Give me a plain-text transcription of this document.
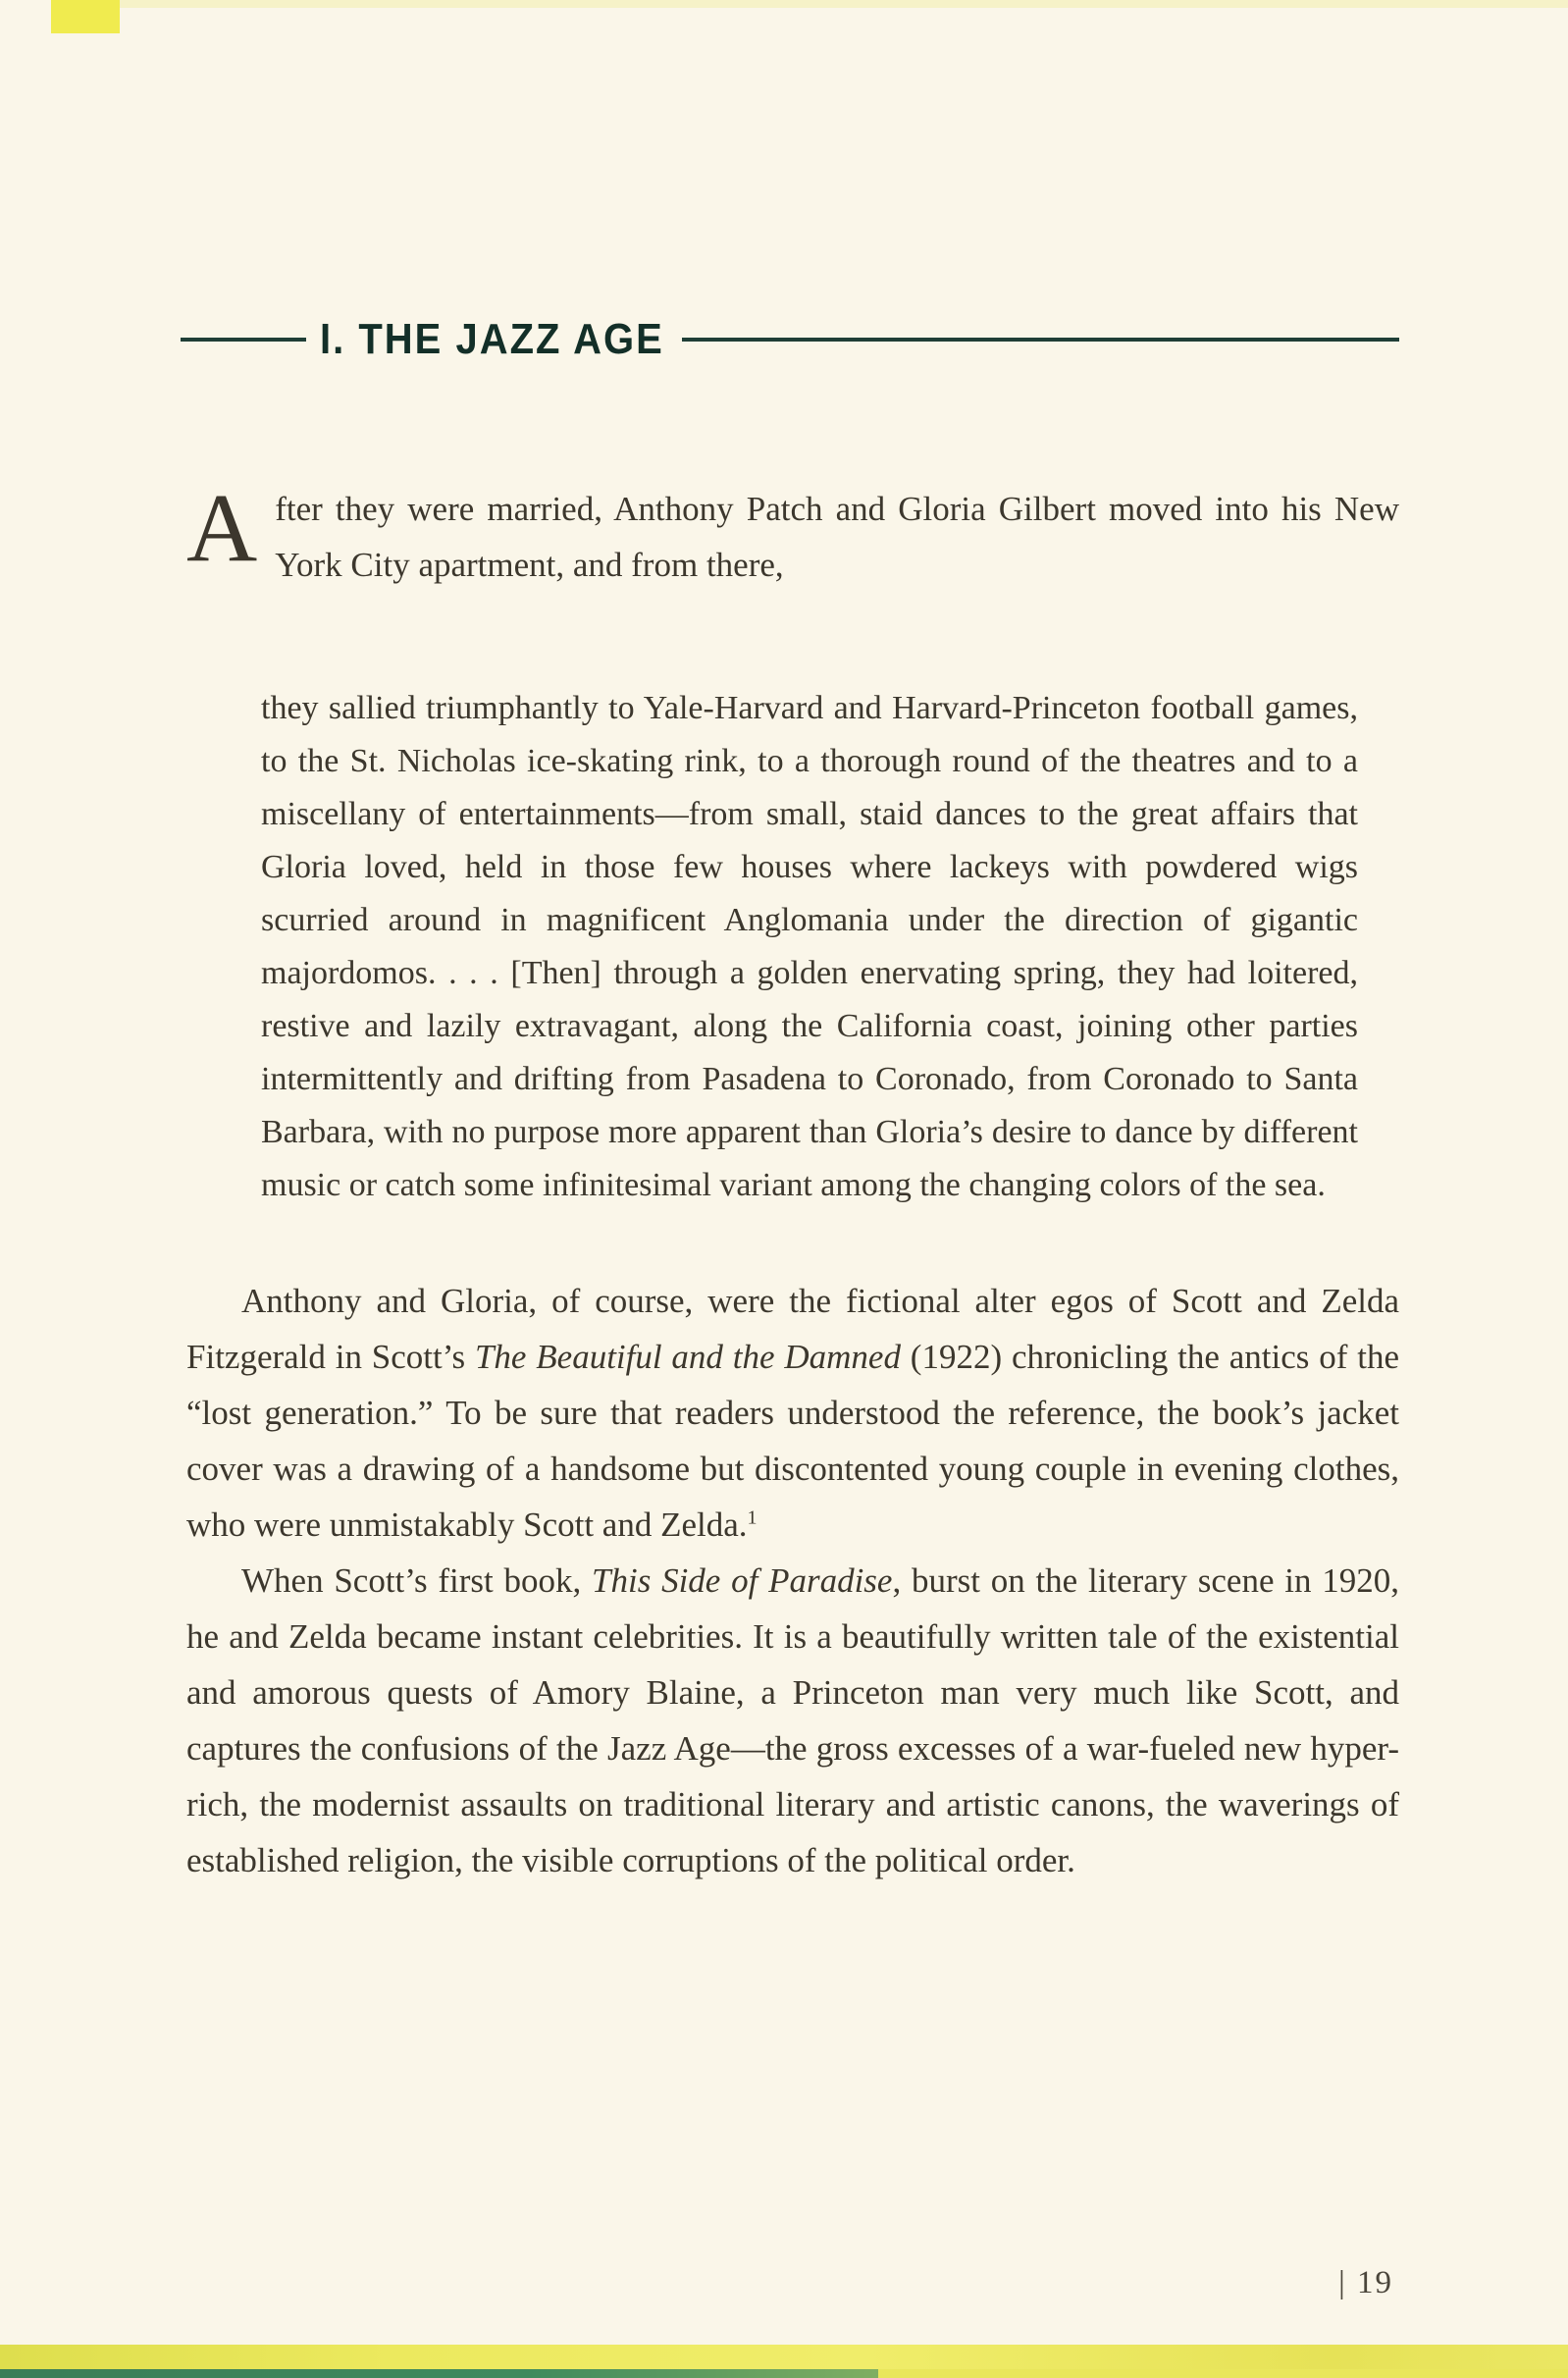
I. THE JAZZ AGE

After they were married, Anthony Patch and Gloria Gilbert moved into his New York City apartment, and from there,

they sallied triumphantly to Yale-Harvard and Harvard-Princeton football games, to the St. Nicholas ice-skating rink, to a thorough round of the theatres and to a miscellany of entertainments—from small, staid dances to the great affairs that Gloria loved, held in those few houses where lackeys with powdered wigs scurried around in magnificent Anglomania under the direction of gigantic majordomos. . . . [Then] through a golden enervating spring, they had loitered, restive and lazily extravagant, along the California coast, joining other parties intermittently and drifting from Pasadena to Coronado, from Coronado to Santa Barbara, with no purpose more apparent than Gloria’s desire to dance by different music or catch some infinitesimal variant among the changing colors of the sea.

Anthony and Gloria, of course, were the fictional alter egos of Scott and Zelda Fitzgerald in Scott’s The Beautiful and the Damned (1922) chronicling the antics of the “lost generation.” To be sure that readers understood the reference, the book’s jacket cover was a drawing of a handsome but discontented young couple in evening clothes, who were unmistakably Scott and Zelda.$^1$

When Scott’s first book, This Side of Paradise, burst on the literary scene in 1920, he and Zelda became instant celebrities. It is a beautifully written tale of the existential and amorous quests of Amory Blaine, a Princeton man very much like Scott, and captures the confusions of the Jazz Age—the gross excesses of a war-fueled new hyper-rich, the modernist assaults on traditional literary and artistic canons, the waverings of established religion, the visible corruptions of the political order.

| 19
